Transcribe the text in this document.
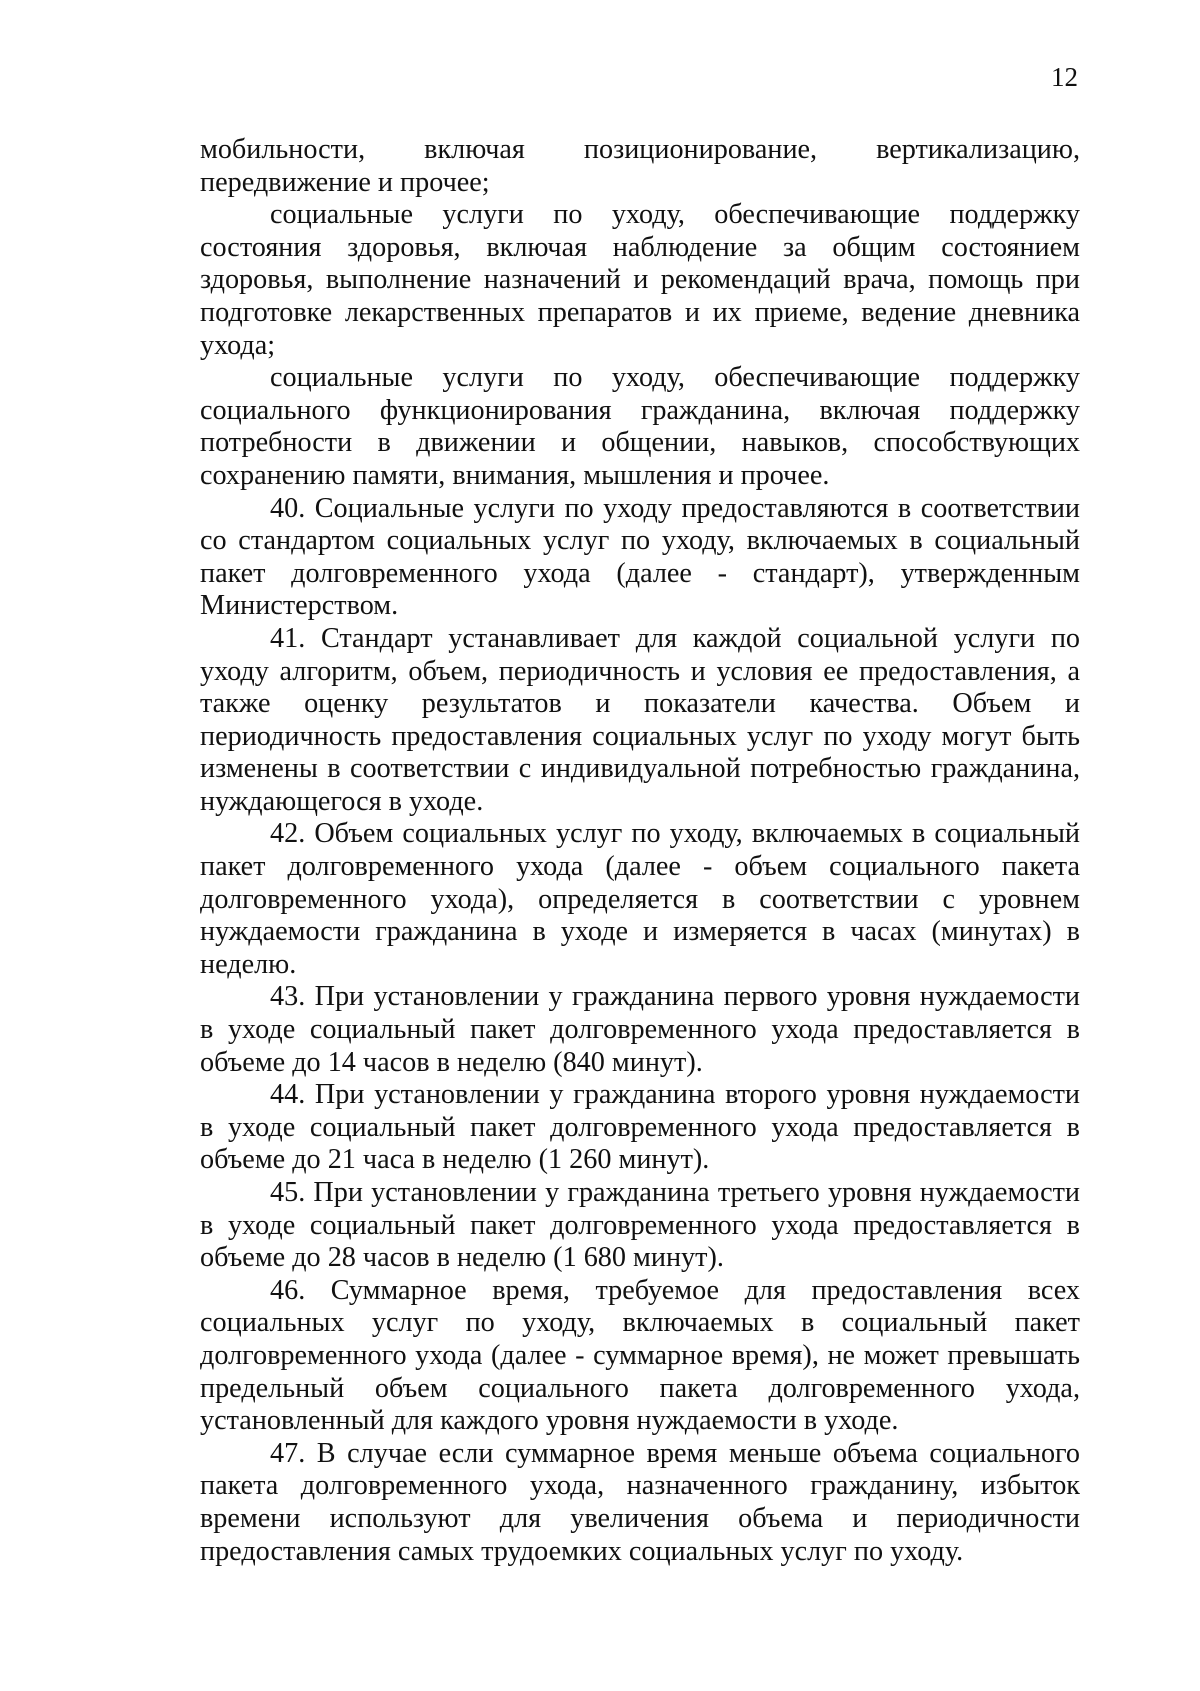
12

мобильности, включая позиционирование, вертикализацию, передвижение и прочее;

социальные услуги по уходу, обеспечивающие поддержку состояния здоровья, включая наблюдение за общим состоянием здоровья, выполнение назначений и рекомендаций врача, помощь при подготовке лекарственных препаратов и их приеме, ведение дневника ухода;

социальные услуги по уходу, обеспечивающие поддержку социального функционирования гражданина, включая поддержку потребности в движении и общении, навыков, способствующих сохранению памяти, внимания, мышления и прочее.

40. Социальные услуги по уходу предоставляются в соответствии со стандартом социальных услуг по уходу, включаемых в социальный пакет долговременного ухода (далее - стандарт), утвержденным Министерством.

41. Стандарт устанавливает для каждой социальной услуги по уходу алгоритм, объем, периодичность и условия ее предоставления, а также оценку результатов и показатели качества. Объем и периодичность предоставления социальных услуг по уходу могут быть изменены в соответствии с индивидуальной потребностью гражданина, нуждающегося в уходе.

42. Объем социальных услуг по уходу, включаемых в социальный пакет долговременного ухода (далее - объем социального пакета долговременного ухода), определяется в соответствии с уровнем нуждаемости гражданина в уходе и измеряется в часах (минутах) в неделю.

43. При установлении у гражданина первого уровня нуждаемости в уходе социальный пакет долговременного ухода предоставляется в объеме до 14 часов в неделю (840 минут).

44. При установлении у гражданина второго уровня нуждаемости в уходе социальный пакет долговременного ухода предоставляется в объеме до 21 часа в неделю (1 260 минут).

45. При установлении у гражданина третьего уровня нуждаемости в уходе социальный пакет долговременного ухода предоставляется в объеме до 28 часов в неделю (1 680 минут).

46. Суммарное время, требуемое для предоставления всех социальных услуг по уходу, включаемых в социальный пакет долговременного ухода (далее - суммарное время), не может превышать предельный объем социального пакета долговременного ухода, установленный для каждого уровня нуждаемости в уходе.

47. В случае если суммарное время меньше объема социального пакета долговременного ухода, назначенного гражданину, избыток времени используют для увеличения объема и периодичности предоставления самых трудоемких социальных услуг по уходу.
